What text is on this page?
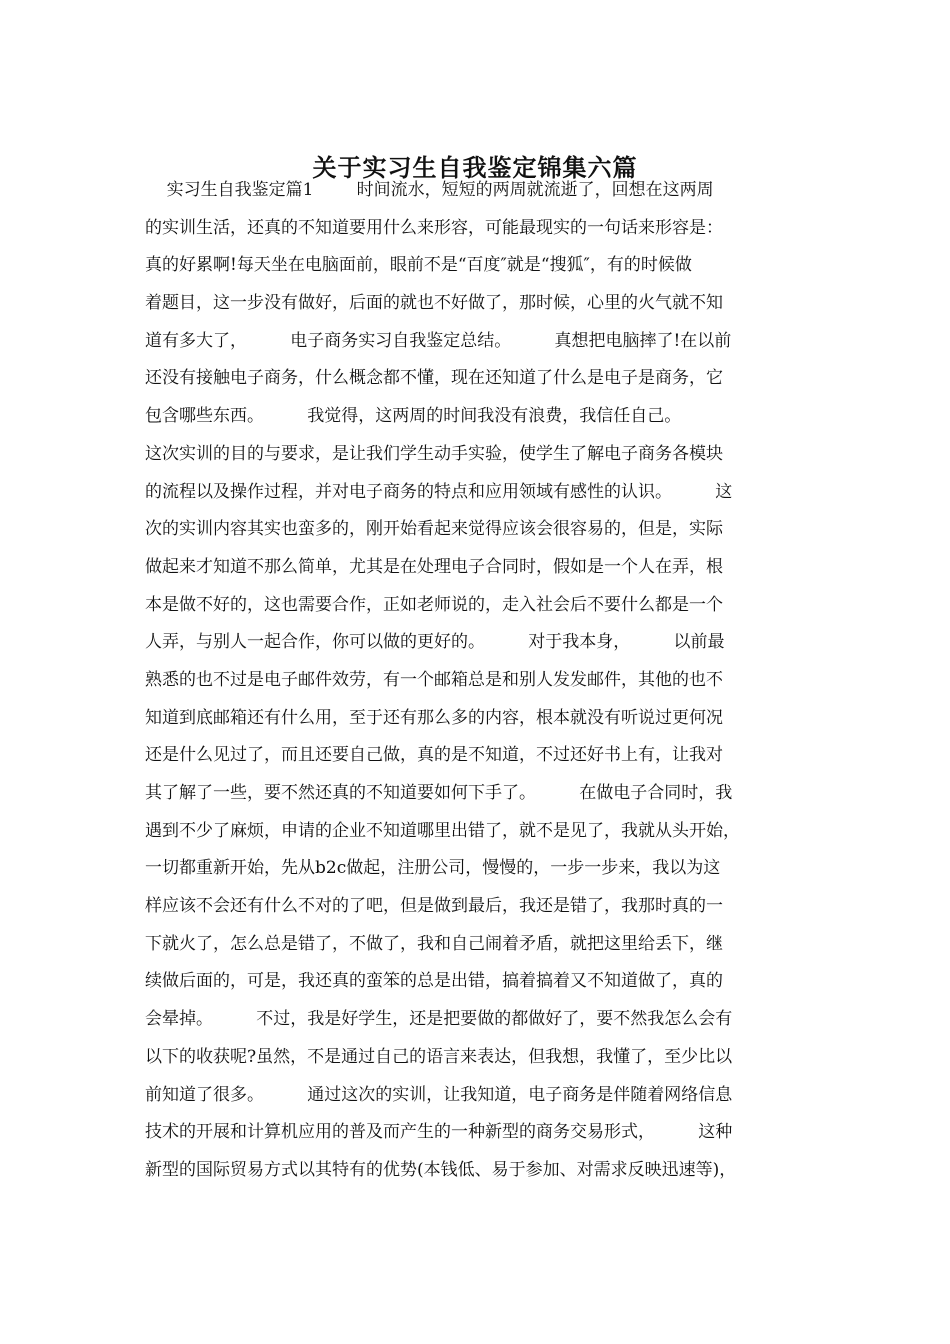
关于实习生自我鉴定锦集六篇
实习生自我鉴定篇1        时间流水，短短的两周就流逝了，回想在这两周
的实训生活，还真的不知道要用什么来形容，可能最现实的一句话来形容是：
真的好累啊!每天坐在电脑面前，眼前不是“百度″就是“搜狐″，有的时候做
着题目，这一步没有做好，后面的就也不好做了，那时候，心里的火气就不知
道有多大了，        电子商务实习自我鉴定总结。        真想把电脑摔了!在以前
还没有接触电子商务，什么概念都不懂，现在还知道了什么是电子是商务，它
包含哪些东西。        我觉得，这两周的时间我没有浪费，我信任自己。
这次实训的目的与要求，是让我们学生动手实验，使学生了解电子商务各模块
的流程以及操作过程，并对电子商务的特点和应用领域有感性的认识。        这
次的实训内容其实也蛮多的，刚开始看起来觉得应该会很容易的，但是，实际
做起来才知道不那么简单，尤其是在处理电子合同时，假如是一个人在弄，根
本是做不好的，这也需要合作，正如老师说的，走入社会后不要什么都是一个
人弄，与别人一起合作，你可以做的更好的。        对于我本身，        以前最
熟悉的也不过是电子邮件效劳，有一个邮箱总是和别人发发邮件，其他的也不
知道到底邮箱还有什么用，至于还有那么多的内容，根本就没有听说过更何况
还是什么见过了，而且还要自己做，真的是不知道，不过还好书上有，让我对
其了解了一些，要不然还真的不知道要如何下手了。        在做电子合同时，我
遇到不少了麻烦，申请的企业不知道哪里出错了，就不是见了，我就从头开始，
一切都重新开始，先从b2c做起，注册公司，慢慢的，一步一步来，我以为这
样应该不会还有什么不对的了吧，但是做到最后，我还是错了，我那时真的一
下就火了，怎么总是错了，不做了，我和自己闹着矛盾，就把这里给丢下，继
续做后面的，可是，我还真的蛮笨的总是出错，搞着搞着又不知道做了，真的
会晕掉。        不过，我是好学生，还是把要做的都做好了，要不然我怎么会有
以下的收获呢?虽然，不是通过自己的语言来表达，但我想，我懂了，至少比以
前知道了很多。        通过这次的实训，让我知道，电子商务是伴随着网络信息
技术的开展和计算机应用的普及而产生的一种新型的商务交易形式，        这种
新型的国际贸易方式以其特有的优势(本钱低、易于参加、对需求反映迅速等)，
